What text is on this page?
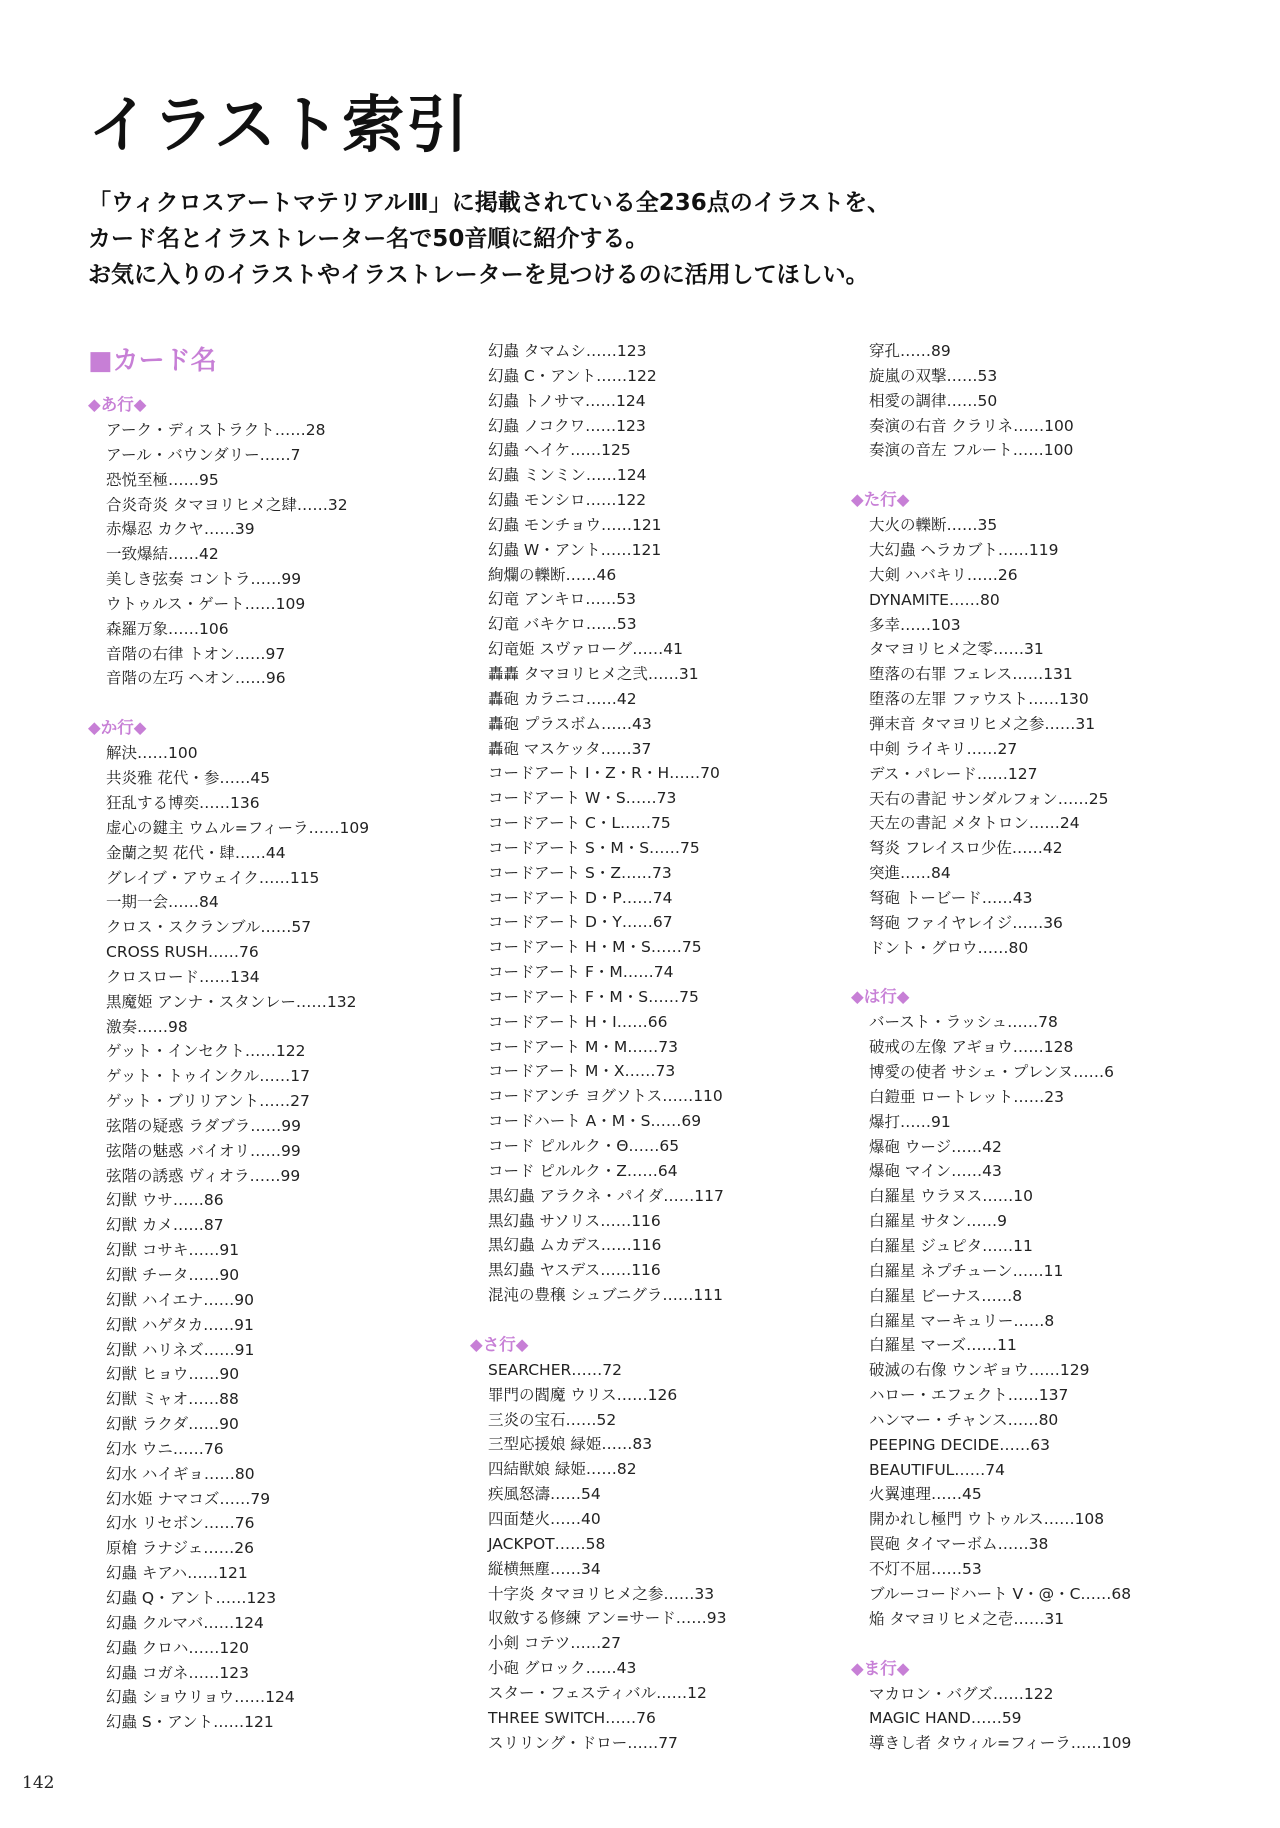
イラスト索引
「ウィクロスアートマテリアルⅢ」に掲載されている全236点のイラストを、
カード名とイラストレーター名で50音順に紹介する。
お気に入りのイラストやイラストレーターを見つけるのに活用してほしい。
■カード名
◆あ行◆
アーク・ディストラクト……28
アール・バウンダリー……7
恐悦至極……95
合炎奇炎 タマヨリヒメ之肆……32
赤爆忍 カクヤ……39
一致爆結……42
美しき弦奏 コントラ……99
ウトゥルス・ゲート……109
森羅万象……106
音階の右律 トオン……97
音階の左巧 ヘオン……96
◆か行◆
解決……100
共炎雅 花代・参……45
狂乱する博奕……136
虚心の鍵主 ウムル=フィーラ……109
金蘭之契 花代・肆……44
グレイブ・アウェイク……115
一期一会……84
クロス・スクランブル……57
CROSS RUSH……76
クロスロード……134
黒魔姫 アンナ・スタンレー……132
激奏……98
ゲット・インセクト……122
ゲット・トゥインクル……17
ゲット・ブリリアント……27
弦階の疑惑 ラダブラ……99
弦階の魅惑 バイオリ……99
弦階の誘惑 ヴィオラ……99
幻獣 ウサ……86
幻獣 カメ……87
幻獣 コサキ……91
幻獣 チータ……90
幻獣 ハイエナ……90
幻獣 ハゲタカ……91
幻獣 ハリネズ……91
幻獣 ヒョウ……90
幻獣 ミャオ……88
幻獣 ラクダ……90
幻水 ウニ……76
幻水 ハイギョ……80
幻水姫 ナマコズ……79
幻水 リセボン……76
原槍 ラナジェ……26
幻蟲 キアハ……121
幻蟲 Q・アント……123
幻蟲 クルマバ……124
幻蟲 クロハ……120
幻蟲 コガネ……123
幻蟲 ショウリョウ……124
幻蟲 S・アント……121
幻蟲 タマムシ……123
幻蟲 C・アント……122
幻蟲 トノサマ……124
幻蟲 ノコクワ……123
幻蟲 ヘイケ……125
幻蟲 ミンミン……124
幻蟲 モンシロ……122
幻蟲 モンチョウ……121
幻蟲 W・アント……121
絢爛の轢断……46
幻竜 アンキロ……53
幻竜 バキケロ……53
幻竜姫 スヴァローグ……41
轟轟 タマヨリヒメ之弐……31
轟砲 カラニコ……42
轟砲 プラスボム……43
轟砲 マスケッタ……37
コードアート I・Z・R・H……70
コードアート W・S……73
コードアート C・L……75
コードアート S・M・S……75
コードアート S・Z……73
コードアート D・P……74
コードアート D・Y……67
コードアート H・M・S……75
コードアート F・M……74
コードアート F・M・S……75
コードアート H・I……66
コードアート M・M……73
コードアート M・X……73
コードアンチ ヨグソトス……110
コードハート A・M・S……69
コード ピルルク・Θ……65
コード ピルルク・Z……64
黒幻蟲 アラクネ・パイダ……117
黒幻蟲 サソリス……116
黒幻蟲 ムカデス……116
黒幻蟲 ヤスデス……116
混沌の豊穣 シュブニグラ……111
◆さ行◆
SEARCHER……72
罪門の閻魔 ウリス……126
三炎の宝石……52
三型応援娘 緑姫……83
四結獣娘 緑姫……82
疾風怒濤……54
四面楚火……40
JACKPOT……58
縦横無塵……34
十字炎 タマヨリヒメ之参……33
収斂する修練 アン=サード……93
小剣 コテツ……27
小砲 グロック……43
スター・フェスティバル……12
THREE SWITCH……76
スリリング・ドロー……77
穿孔……89
旋嵐の双撃……53
相愛の調律……50
奏演の右音 クラリネ……100
奏演の音左 フルート……100
◆た行◆
大火の轢断……35
大幻蟲 ヘラカブト……119
大剣 ハバキリ……26
DYNAMITE……80
多幸……103
タマヨリヒメ之零……31
堕落の右罪 フェレス……131
堕落の左罪 ファウスト……130
弾末音 タマヨリヒメ之参……31
中剣 ライキリ……27
デス・パレード……127
天右の書記 サンダルフォン……25
天左の書記 メタトロン……24
弩炎 フレイスロ少佐……42
突進……84
弩砲 トービード……43
弩砲 ファイヤレイジ……36
ドント・グロウ……80
◆は行◆
バースト・ラッシュ……78
破戒の左像 アギョウ……128
博愛の使者 サシェ・プレンヌ……6
白鎧亜 ロートレット……23
爆打……91
爆砲 ウージ……42
爆砲 マイン……43
白羅星 ウラヌス……10
白羅星 サタン……9
白羅星 ジュピタ……11
白羅星 ネプチューン……11
白羅星 ビーナス……8
白羅星 マーキュリー……8
白羅星 マーズ……11
破滅の右像 ウンギョウ……129
ハロー・エフェクト……137
ハンマー・チャンス……80
PEEPING DECIDE……63
BEAUTIFUL……74
火翼連理……45
開かれし極門 ウトゥルス……108
罠砲 タイマーボム……38
不灯不屈……53
ブルーコードハート V・@・C……68
焔 タマヨリヒメ之壱……31
◆ま行◆
マカロン・バグズ……122
MAGIC HAND……59
導きし者 タウィル=フィーラ……109
142
